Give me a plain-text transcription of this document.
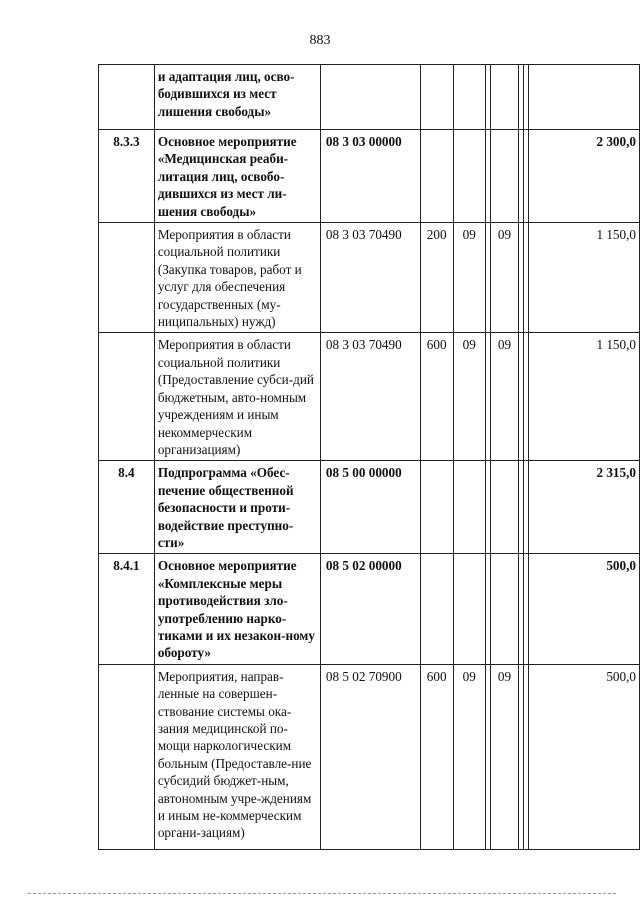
883
	и адаптация лиц, осво-бодившихся из мест лишения свободы»								
8.3.3	Основное мероприятие «Медицинская реаби-литация лиц, освобо-дившихся из мест ли-шения свободы»	08 3 03 00000							2 300,0
	Мероприятия в области социальной политики (Закупка товаров, работ и услуг для обеспечения государственных (му-ниципальных) нужд)	08 3 03 70490	200	09		09			1 150,0
	Мероприятия в области социальной политики (Предоставление субси-дий бюджетным, авто-номным учреждениям и иным некоммерческим организациям)	08 3 03 70490	600	09		09			1 150,0
8.4	Подпрограмма «Обес-печение общественной безопасности и проти-водействие преступно-сти»	08 5 00 00000							2 315,0
8.4.1	Основное мероприятие «Комплексные меры противодействия зло-употреблению нарко-тиками и их незакон-ному обороту»	08 5 02 00000							500,0
	Мероприятия, направ-ленные на совершен-ствование системы ока-зания медицинской по-мощи наркологическим больным (Предоставле-ние субсидий бюджет-ным, автономным учре-ждениям и иным не-коммерческим органи-зациям)	08 5 02 70900	600	09		09			500,0
